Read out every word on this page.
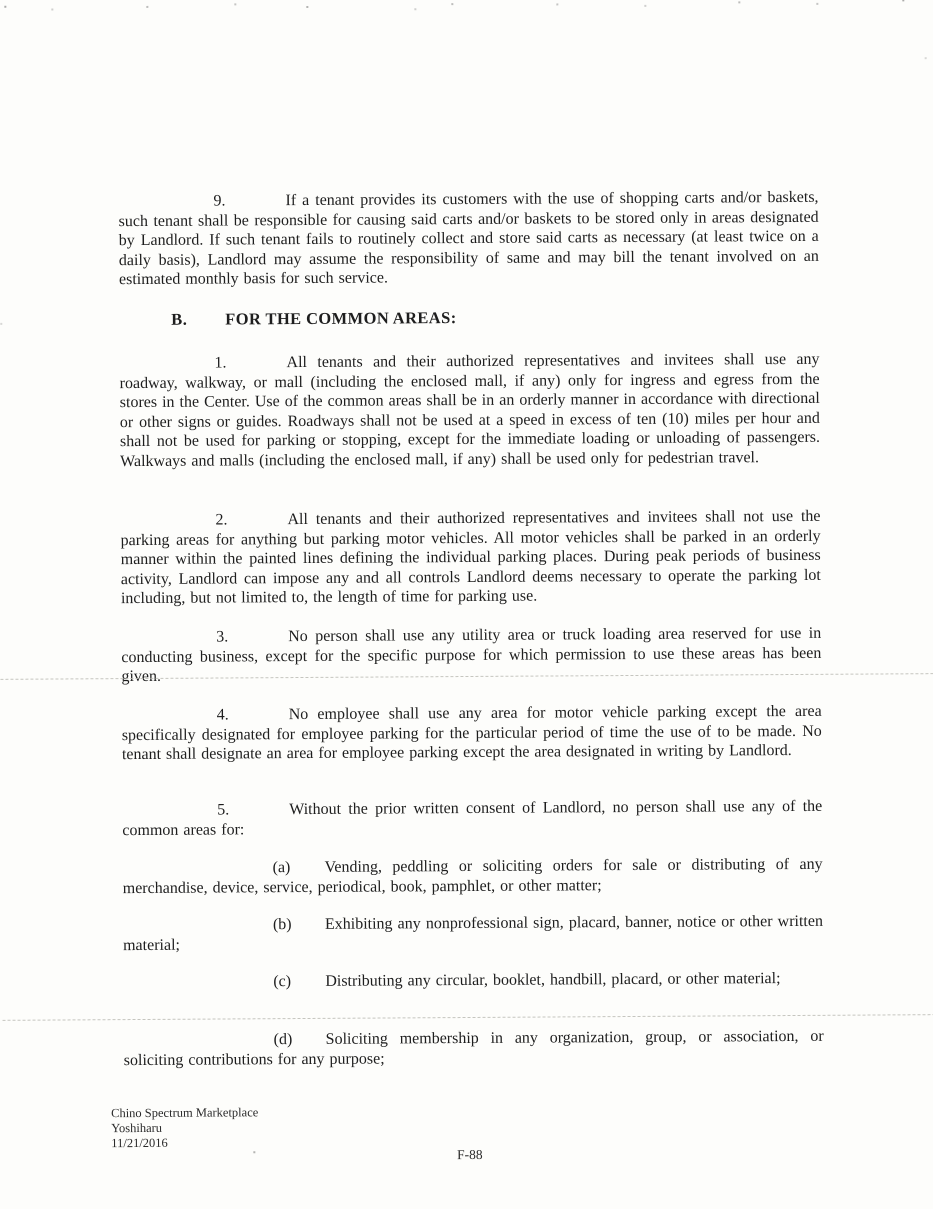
9.	If a tenant provides its customers with the use of shopping carts and/or baskets, such tenant shall be responsible for causing said carts and/or baskets to be stored only in areas designated by Landlord. If such tenant fails to routinely collect and store said carts as necessary (at least twice on a daily basis), Landlord may assume the responsibility of same and may bill the tenant involved on an estimated monthly basis for such service.

B. FOR THE COMMON AREAS:

1.	All tenants and their authorized representatives and invitees shall use any roadway, walkway, or mall (including the enclosed mall, if any) only for ingress and egress from the stores in the Center. Use of the common areas shall be in an orderly manner in accordance with directional or other signs or guides. Roadways shall not be used at a speed in excess of ten (10) miles per hour and shall not be used for parking or stopping, except for the immediate loading or unloading of passengers. Walkways and malls (including the enclosed mall, if any) shall be used only for pedestrian travel.

2.	All tenants and their authorized representatives and invitees shall not use the parking areas for anything but parking motor vehicles. All motor vehicles shall be parked in an orderly manner within the painted lines defining the individual parking places. During peak periods of business activity, Landlord can impose any and all controls Landlord deems necessary to operate the parking lot including, but not limited to, the length of time for parking use.

3.	No person shall use any utility area or truck loading area reserved for use in conducting business, except for the specific purpose for which permission to use these areas has been given.

4.	No employee shall use any area for motor vehicle parking except the area specifically designated for employee parking for the particular period of time the use of to be made. No tenant shall designate an area for employee parking except the area designated in writing by Landlord.

5.	Without the prior written consent of Landlord, no person shall use any of the common areas for:

(a) Vending, peddling or soliciting orders for sale or distributing of any merchandise, device, service, periodical, book, pamphlet, or other matter;

(b) Exhibiting any nonprofessional sign, placard, banner, notice or other written material;

(c) Distributing any circular, booklet, handbill, placard, or other material;

(d) Soliciting membership in any organization, group, or association, or soliciting contributions for any purpose;

Chino Spectrum Marketplace
Yoshiharu
11/21/2016
F-88
